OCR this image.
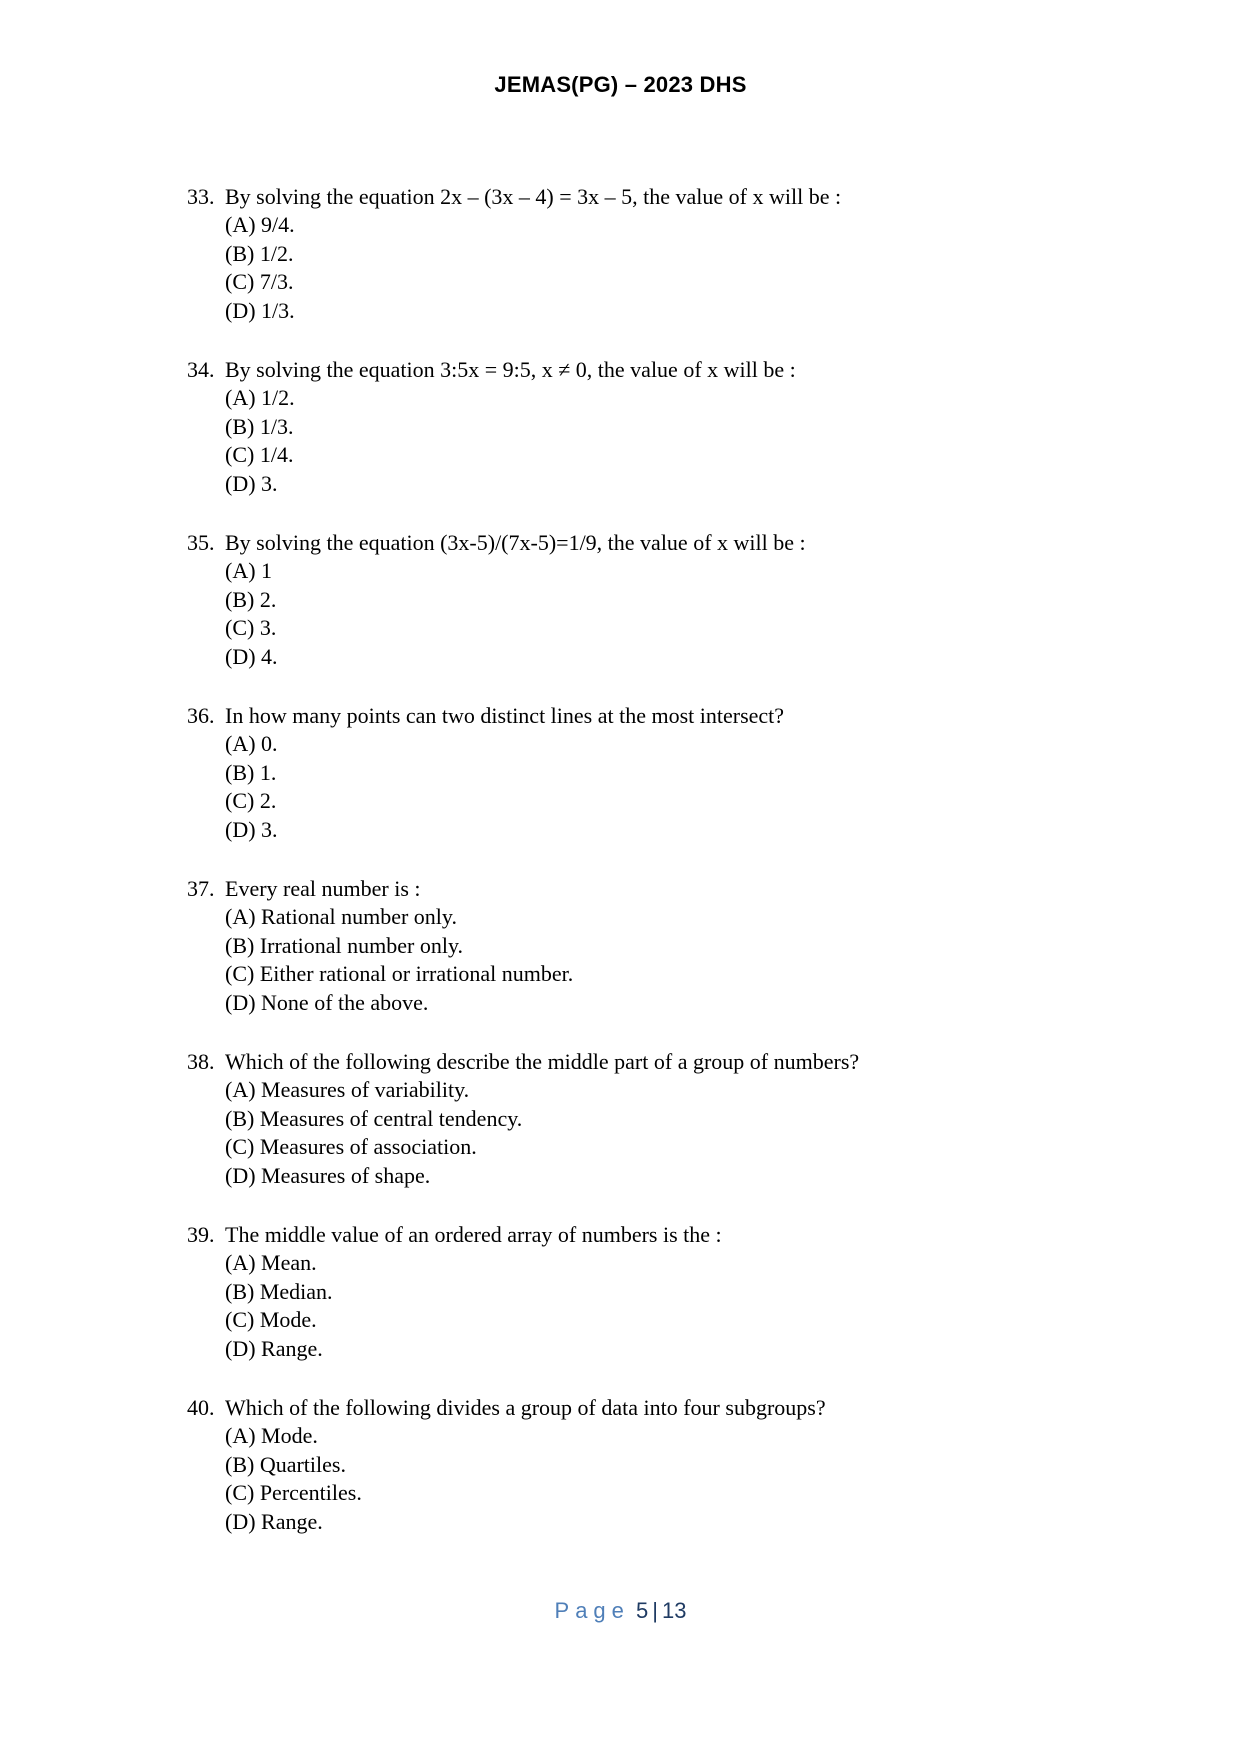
JEMAS(PG) – 2023 DHS
33. By solving the equation 2x – (3x – 4) = 3x – 5, the value of x will be :
(A) 9/4.
(B) 1/2.
(C) 7/3.
(D) 1/3.
34. By solving the equation 3:5x = 9:5, x ≠ 0, the value of x will be :
(A) 1/2.
(B) 1/3.
(C) 1/4.
(D) 3.
35. By solving the equation (3x-5)/(7x-5)=1/9, the value of x will be :
(A) 1
(B) 2.
(C) 3.
(D) 4.
36. In how many points can two distinct lines at the most intersect?
(A) 0.
(B) 1.
(C) 2.
(D) 3.
37. Every real number is :
(A) Rational number only.
(B) Irrational number only.
(C) Either rational or irrational number.
(D) None of the above.
38. Which of the following describe the middle part of a group of numbers?
(A) Measures of variability.
(B) Measures of central tendency.
(C) Measures of association.
(D) Measures of shape.
39. The middle value of an ordered array of numbers is the :
(A) Mean.
(B) Median.
(C) Mode.
(D) Range.
40. Which of the following divides a group of data into four subgroups?
(A) Mode.
(B) Quartiles.
(C) Percentiles.
(D) Range.
Page 5 | 13
